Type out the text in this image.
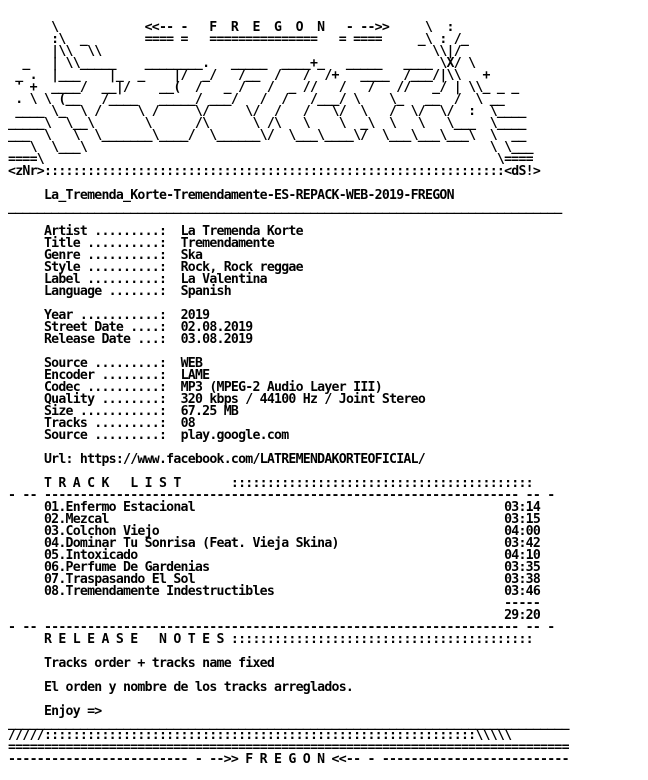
\            <<-- -   F  R  E  G  O  N   - -->>     \  :
:\  _        ==== =   ===============   = ====     _\ : /_
|\\  \\                                              \\|/
_   | \\_____    ________.   _____  ____+_   _____   ____ \X/ \
_ .  |___    |_  _    |/  _/   /__  /   /  /+   ____  /___/|\\   +
' +  ____/  __|/    __(  /   _ /   /  _ //   /   /   //   _/ | \\_ _ _
. \ \ (__   /____   _____/ ___/   /  /   /___/ \    \_   __  /  \ __
____ \_  \ /     \ /     \/     \/  /   /   \/  \   /  \/  \/  :  \____
_____\  \__\       \      /\      \ /\   \    \  _\  \   \   \___  \____
___  \   \  \_______\____/  \______\/  \___\____\/  \___\___\___\  \  __
\  \___\                                                        \ \___
====\                                                               \====
<zNr>::::::::::::::::::::::::::::::::::::::::::::::::::::::::::::::::<dS!>
La_Tremenda_Korte-Tremendamente-ES-REPACK-WEB-2019-FREGON
_____________________________________________________________________________

Artist .........: La Tremenda Korte
Title ..........: Tremendamente
Genre ..........: Ska
Style ..........: Rock, Rock reggae
Label ..........: La Valentina
Language .......: Spanish

Year ...........: 2019
Street Date ....: 02.08.2019
Release Date ...: 03.08.2019

Source .........: WEB
Encoder ........: LAME
Codec ..........: MP3 (MPEG-2 Audio Layer III)
Quality ........: 320 kbps / 44100 Hz / Joint Stereo
Size ...........: 67.25 MB
Tracks .........: 08
Source .........: play.google.com

Url: https://www.facebook.com/LATREMENDAKORTEOFICIAL/

T R A C K   L I S T       ::::::::::::::::::::::::::::::::::::::::::
- -- ------------------------------------------------------------------ -- -
01.Enfermo Estacional	03:14
02.Mezcal	03:15
03.Colchon Viejo	04:00
04.Dominar Tu Sonrisa (Feat. Vieja Skina)	03:42
05.Intoxicado	04:10
06.Perfume De Gardenias	03:35
07.Traspasando El Sol	03:38
08.Tremendamente Indestructibles	03:46
-----
29:20
- -- ------------------------------------------------------------------ -- -
R E L E A S E   N O T E S ::::::::::::::::::::::::::::::::::::::::::

Tracks order + tracks name fixed

El orden y nombre de los tracks arreglados.

Enjoy =>
______________________________________________________________________________
/////::::::::::::::::::::::::::::::::::::::::::::::::::::::::::::\\\\\
==============================================================================
------------------------- - -->> F R E G O N <<-- - --------------------------
